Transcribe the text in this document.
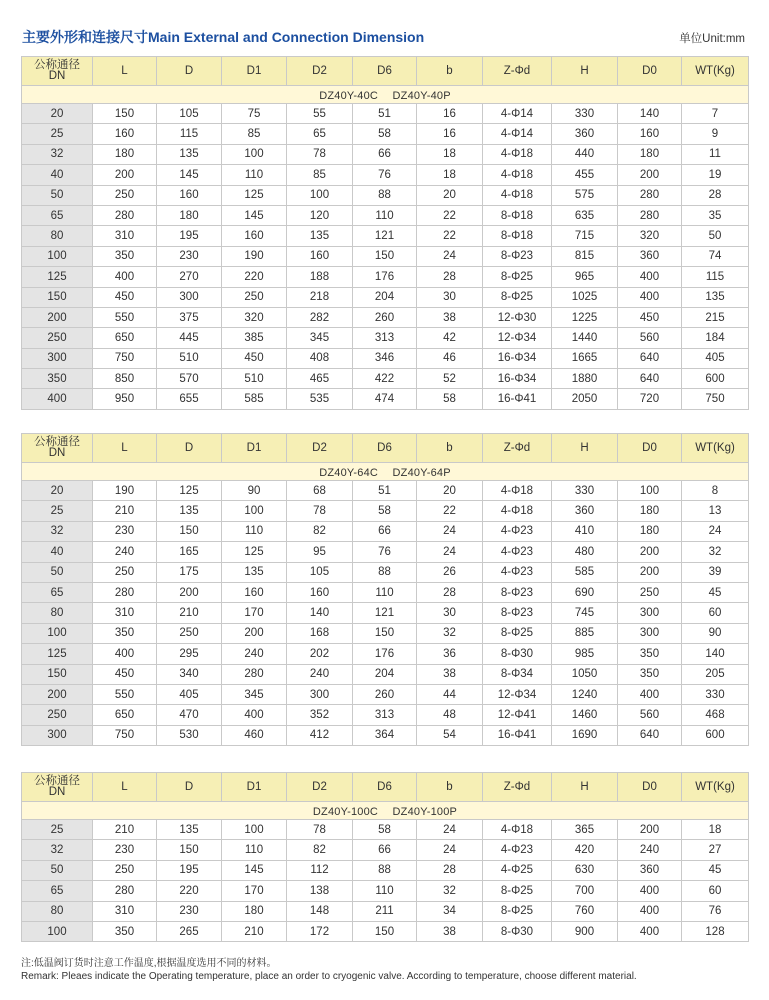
主要外形和连接尺寸Main External and Connection Dimension	单位Unit:mm
公称通径
DN	L	D	D1	D2	D6	b	Z-Φd	H	D0	WT(Kg)
DZ40Y-40C　 DZ40Y-40P										
20	150	105	75	55	51	16	4-Φ14	330	140	7
25	160	115	85	65	58	16	4-Φ14	360	160	9
32	180	135	100	78	66	18	4-Φ18	440	180	11
40	200	145	110	85	76	18	4-Φ18	455	200	19
50	250	160	125	100	88	20	4-Φ18	575	280	28
65	280	180	145	120	110	22	8-Φ18	635	280	35
80	310	195	160	135	121	22	8-Φ18	715	320	50
100	350	230	190	160	150	24	8-Φ23	815	360	74
125	400	270	220	188	176	28	8-Φ25	965	400	115
150	450	300	250	218	204	30	8-Φ25	1025	400	135
200	550	375	320	282	260	38	12-Φ30	1225	450	215
250	650	445	385	345	313	42	12-Φ34	1440	560	184
300	750	510	450	408	346	46	16-Φ34	1665	640	405
350	850	570	510	465	422	52	16-Φ34	1880	640	600
400	950	655	585	535	474	58	16-Φ41	2050	720	750
公称通径
DN	L	D	D1	D2	D6	b	Z-Φd	H	D0	WT(Kg)
DZ40Y-64C　 DZ40Y-64P										
20	190	125	90	68	51	20	4-Φ18	330	100	8
25	210	135	100	78	58	22	4-Φ18	360	180	13
32	230	150	110	82	66	24	4-Φ23	410	180	24
40	240	165	125	95	76	24	4-Φ23	480	200	32
50	250	175	135	105	88	26	4-Φ23	585	200	39
65	280	200	160	160	110	28	8-Φ23	690	250	45
80	310	210	170	140	121	30	8-Φ23	745	300	60
100	350	250	200	168	150	32	8-Φ25	885	300	90
125	400	295	240	202	176	36	8-Φ30	985	350	140
150	450	340	280	240	204	38	8-Φ34	1050	350	205
200	550	405	345	300	260	44	12-Φ34	1240	400	330
250	650	470	400	352	313	48	12-Φ41	1460	560	468
300	750	530	460	412	364	54	16-Φ41	1690	640	600
公称通径
DN	L	D	D1	D2	D6	b	Z-Φd	H	D0	WT(Kg)
DZ40Y-100C　 DZ40Y-100P										
25	210	135	100	78	58	24	4-Φ18	365	200	18
32	230	150	110	82	66	24	4-Φ23	420	240	27
50	250	195	145	112	88	28	4-Φ25	630	360	45
65	280	220	170	138	110	32	8-Φ25	700	400	60
80	310	230	180	148	211	34	8-Φ25	760	400	76
100	350	265	210	172	150	38	8-Φ30	900	400	128
注:低温阀订货时注意工作温度,根据温度选用不同的材料。
Remark: Pleaes indicate the Operating temperature, place an order to cryogenic valve. According to temperature, choose different material.
